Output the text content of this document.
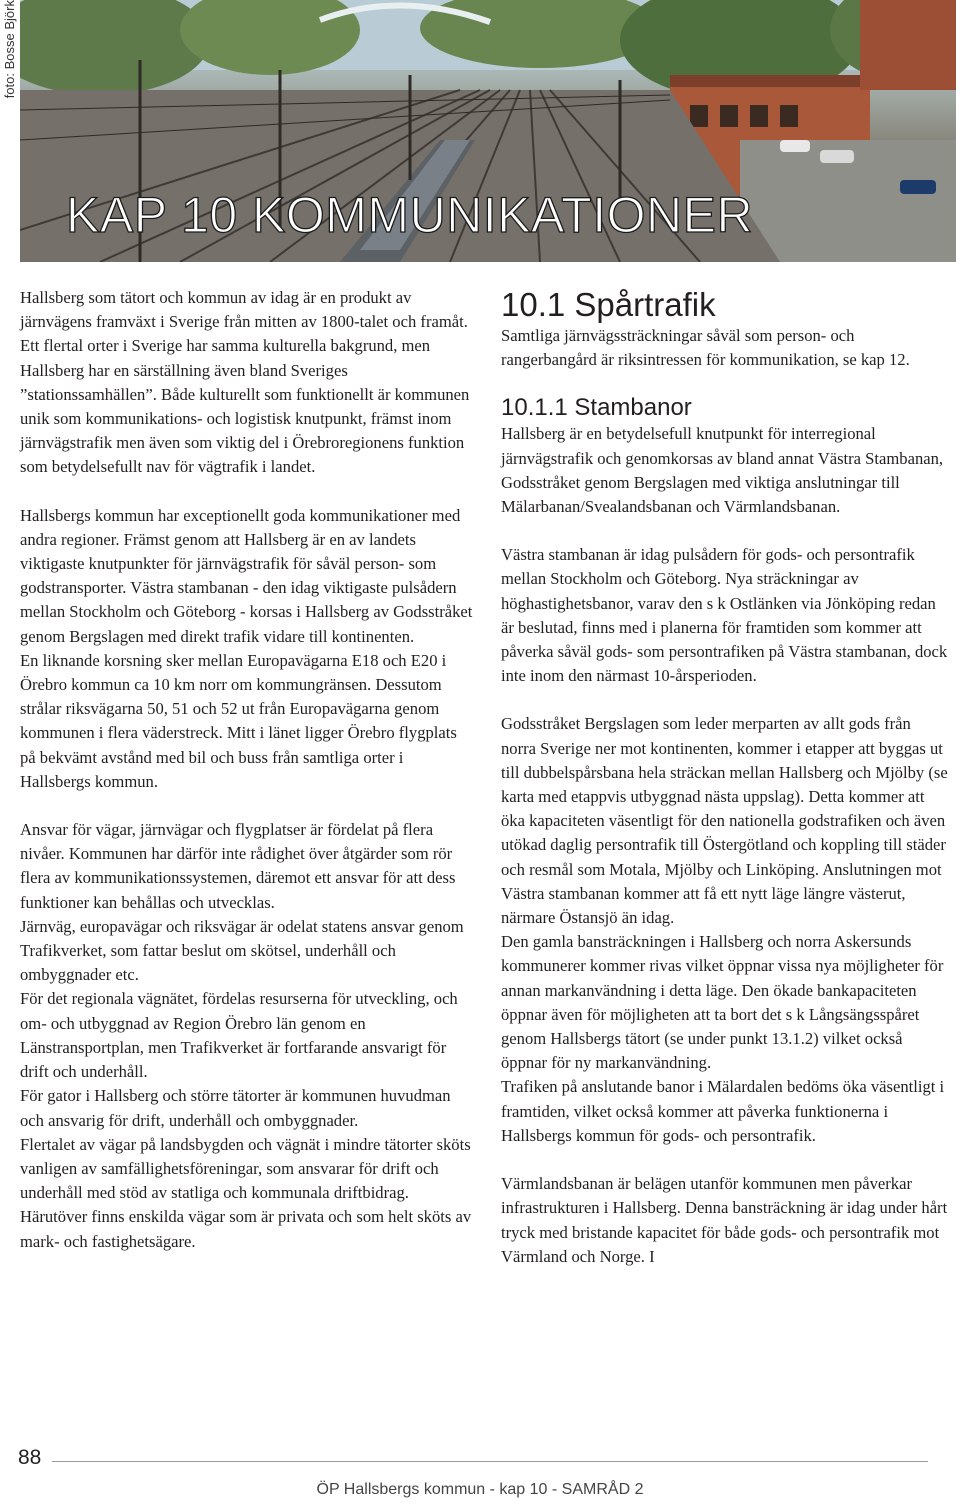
foto: Bosse Björk
KAP 10 KOMMUNIKATIONER

Hallsberg som tätort och kommun av idag är en produkt av järnvägens framväxt i Sverige från mitten av 1800-talet och framåt. Ett flertal orter i Sverige har samma kulturella bakgrund, men Hallsberg har en särställning även bland Sveriges ”stationssamhällen”. Både kulturellt som funktionellt är kommunen unik som kommunikations- och logistisk knutpunkt, främst inom järnvägstrafik men även som viktig del i Örebroregionens funktion som betydelsefullt nav för vägtrafik i landet.

Hallsbergs kommun har exceptionellt goda kommunikationer med andra regioner. Främst genom att Hallsberg är en av landets viktigaste knutpunkter för järnvägstrafik för såväl person- som godstransporter. Västra stambanan - den idag viktigaste pulsådern mellan Stockholm och Göteborg - korsas i Hallsberg av Godsstråket genom Bergslagen med direkt trafik vidare till kontinenten.

En liknande korsning sker mellan Europavägarna E18 och E20 i Örebro kommun ca 10 km norr om kommungränsen. Dessutom strålar riksvägarna 50, 51 och 52 ut från Europavägarna genom kommunen i flera väderstreck. Mitt i länet ligger Örebro flygplats på bekvämt avstånd med bil och buss från samtliga orter i Hallsbergs kommun.

Ansvar för vägar, järnvägar och flygplatser är fördelat på flera nivåer. Kommunen har därför inte rådighet över åtgärder som rör flera av kommunikationssystemen, däremot ett ansvar för att dess funktioner kan behållas och utvecklas.

Järnväg, europavägar och riksvägar är odelat statens ansvar genom Trafikverket, som fattar beslut om skötsel, underhåll och ombyggnader etc.

För det regionala vägnätet, fördelas resurserna för utveckling, och om- och utbyggnad av Region Örebro län genom en Länstransportplan, men Trafikverket är fortfarande ansvarigt för drift och underhåll.

För gator i Hallsberg och större tätorter är kommunen huvudman och ansvarig för drift, underhåll och ombyggnader.

Flertalet av vägar på landsbygden och vägnät i mindre tätorter sköts vanligen av samfällighetsföreningar, som ansvarar för drift och underhåll med stöd av statliga och kommunala driftbidrag. Härutöver finns enskilda vägar som är privata och som helt sköts av mark- och fastighetsägare.

10.1 Spårtrafik

Samtliga järnvägssträckningar såväl som person- och rangerbangård är riksintressen för kommunikation, se kap 12.

10.1.1 Stambanor

Hallsberg är en betydelsefull knutpunkt för interregional järnvägstrafik och genomkorsas av bland annat Västra Stambanan, Godsstråket genom Bergslagen med viktiga anslutningar till Mälarbanan/Svealandsbanan och Värmlandsbanan.

Västra stambanan är idag pulsådern för gods- och persontrafik mellan Stockholm och Göteborg. Nya sträckningar av höghastighetsbanor, varav den s k Ostlänken via Jönköping redan är beslutad, finns med i planerna för framtiden som kommer att påverka såväl gods- som persontrafiken på Västra stambanan, dock inte inom den närmast 10-årsperioden.

Godsstråket Bergslagen som leder merparten av allt gods från norra Sverige ner mot kontinenten, kommer i etapper att byggas ut till dubbelspårsbana hela sträckan mellan Hallsberg och Mjölby (se karta med etappvis utbyggnad nästa uppslag). Detta kommer att öka kapaciteten väsentligt för den nationella godstrafiken och även utökad daglig persontrafik till Östergötland och koppling till städer och resmål som Motala, Mjölby och Linköping. Anslutningen mot Västra stambanan kommer att få ett nytt läge längre västerut, närmare Östansjö än idag.

Den gamla bansträckningen i Hallsberg och norra Askersunds kommunerer kommer rivas vilket öppnar vissa nya möjligheter för annan markanvändning i detta läge. Den ökade bankapaciteten öppnar även för möjligheten att ta bort det s k Långsängsspåret genom Hallsbergs tätort (se under punkt 13.1.2) vilket också öppnar för ny markanvändning.

Trafiken på anslutande banor i Mälardalen bedöms öka väsentligt i framtiden, vilket också kommer att påverka funktionerna i Hallsbergs kommun för gods- och persontrafik.

Värmlandsbanan är belägen utanför kommunen men påverkar infrastrukturen i Hallsberg. Denna bansträckning är idag under hårt tryck med bristande kapacitet för både gods- och persontrafik mot Värmland och Norge. I

88
ÖP Hallsbergs kommun - kap 10 - SAMRÅD 2
